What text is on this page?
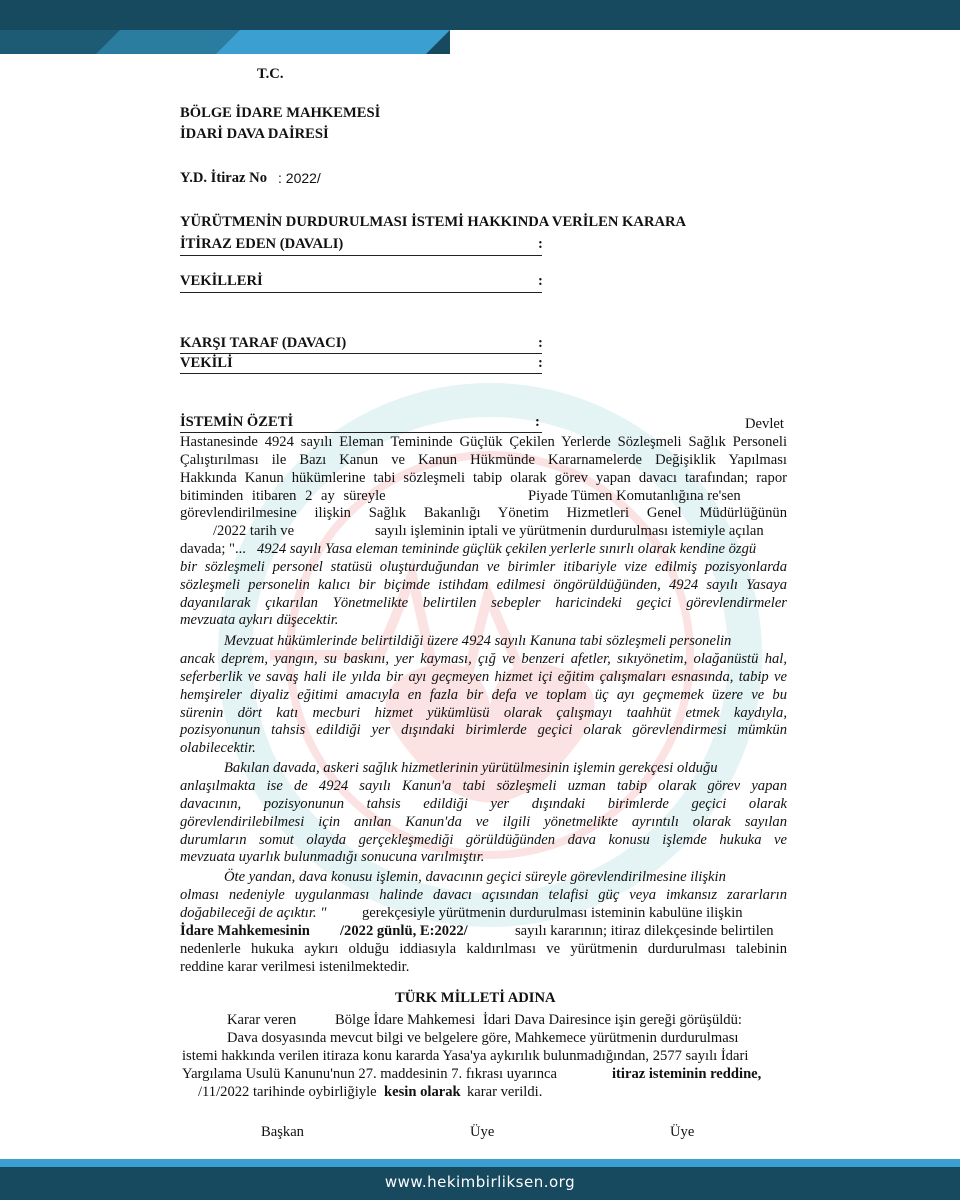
T.C.
BÖLGE İDARE MAHKEMESİ
İDARİ DAVA DAİRESİ
Y.D. İtiraz No : 2022/
YÜRÜTMENİN DURDURULMASI İSTEMİ HAKKINDA VERİLEN KARARA
İTİRAZ EDEN (DAVALI)	:
VEKİLLERİ	:
KARŞI TARAF (DAVACI)	:
VEKİLİ	:
İSTEMİN ÖZETİ	:	Devlet
Hastanesinde 4924 sayılı Eleman Temininde Güçlük Çekilen Yerlerde Sözleşmeli Sağlık Personeli
Çalıştırılması ile Bazı Kanun ve Kanun Hükmünde Kararnamelerde Değişiklik Yapılması
Hakkında Kanun hükümlerine tabi sözleşmeli tabip olarak görev yapan davacı tarafından; rapor
bitiminden itibaren 2 ay süreyle	Piyade Tümen Komutanlığına re'sen
görevlendirilmesine ilişkin Sağlık Bakanlığı Yönetim Hizmetleri Genel Müdürlüğünün
/2022 tarih ve	sayılı işleminin iptali ve yürütmenin durdurulması istemiyle açılan
davada; "... 4924 sayılı Yasa eleman temininde güçlük çekilen yerlerle sınırlı olarak kendine özgü
bir sözleşmeli personel statüsü oluşturduğundan ve birimler itibariyle vize edilmiş pozisyonlarda
sözleşmeli personelin kalıcı bir biçimde istihdam edilmesi öngörüldüğünden, 4924 sayılı Yasaya
dayanılarak çıkarılan Yönetmelikte belirtilen sebepler haricindeki geçici görevlendirmeler
mevzuata aykırı düşecektir.
Mevzuat hükümlerinde belirtildiği üzere 4924 sayılı Kanuna tabi sözleşmeli personelin
ancak deprem, yangın, su baskını, yer kayması, çığ ve benzeri afetler, sıkıyönetim, olağanüstü hal,
seferberlik ve savaş hali ile yılda bir ayı geçmeyen hizmet içi eğitim çalışmaları esnasında, tabip ve
hemşireler diyaliz eğitimi amacıyla en fazla bir defa ve toplam üç ayı geçmemek üzere ve bu
sürenin dört katı mecburi hizmet yükümlüsü olarak çalışmayı taahhüt etmek kaydıyla,
pozisyonunun tahsis edildiği yer dışındaki birimlerde geçici olarak görevlendirmesi mümkün
olabilecektir.
Bakılan davada, askeri sağlık hizmetlerinin yürütülmesinin işlemin gerekçesi olduğu
anlaşılmakta ise de 4924 sayılı Kanun'a tabi sözleşmeli uzman tabip olarak görev yapan
davacının, pozisyonunun tahsis edildiği yer dışındaki birimlerde geçici olarak
görevlendirilebilmesi için anılan Kanun'da ve ilgili yönetmelikte ayrıntılı olarak sayılan
durumların somut olayda gerçekleşmediği görüldüğünden dava konusu işlemde hukuka ve
mevzuata uyarlık bulunmadığı sonucuna varılmıştır.
Öte yandan, dava konusu işlemin, davacının geçici süreyle görevlendirilmesine ilişkin
olması nedeniyle uygulanması halinde davacı açısından telafisi güç veya imkansız zararların
doğabileceği de açıktır. " gerekçesiyle yürütmenin durdurulması isteminin kabulüne ilişkin
İdare Mahkemesinin /2022 günlü, E:2022/	sayılı kararının; itiraz dilekçesinde belirtilen
nedenlerle hukuka aykırı olduğu iddiasıyla kaldırılması ve yürütmenin durdurulması talebinin
reddine karar verilmesi istenilmektedir.
TÜRK MİLLETİ ADINA
Karar veren	Bölge İdare Mahkemesi İdari Dava Dairesince işin gereği görüşüldü:
Dava dosyasında mevcut bilgi ve belgelere göre, Mahkemece yürütmenin durdurulması
istemi hakkında verilen itiraza konu kararda Yasa'ya aykırılık bulunmadığından, 2577 sayılı İdari
Yargılama Usulü Kanunu'nun 27. maddesinin 7. fıkrası uyarınca	itiraz isteminin reddine,
/11/2022 tarihinde oybirliğiyle kesin olarak karar verildi.
Başkan	Üye	Üye
www.hekimbirliksen.org
